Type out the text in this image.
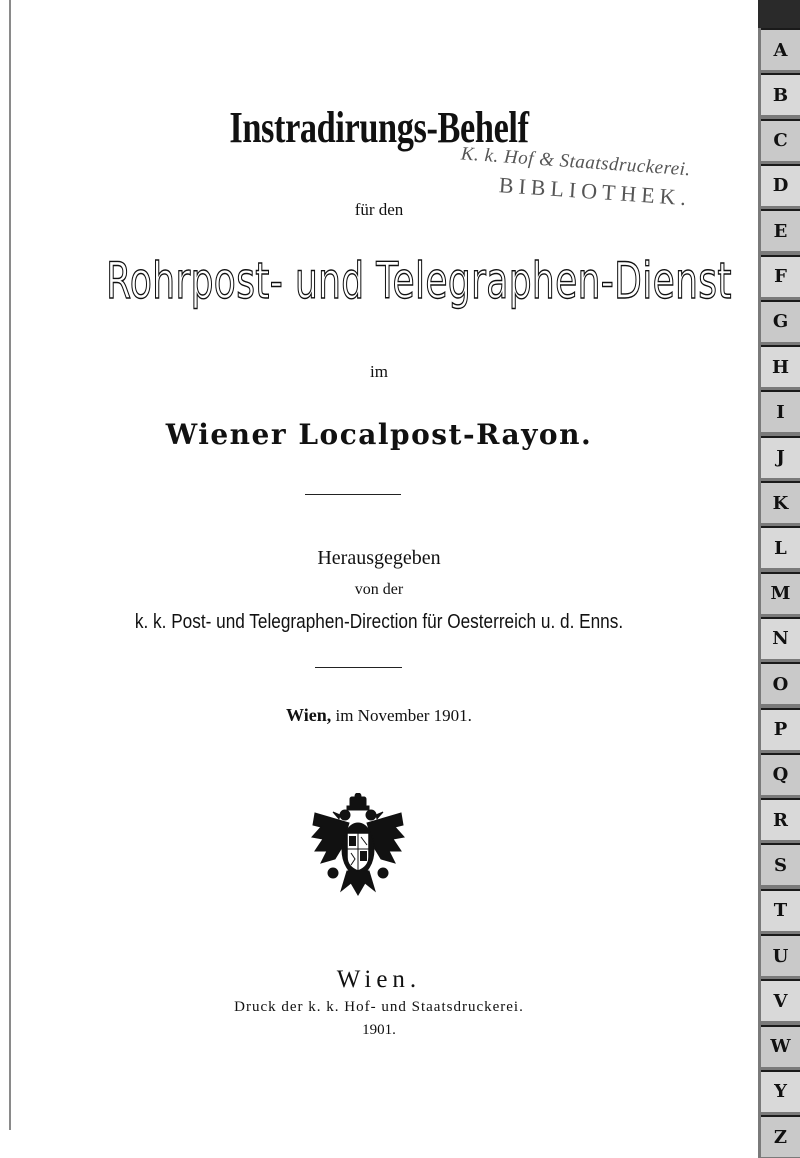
Instradirungs-Behelf
K. k. Hof & Staatsdruckerei.
BIBLIOTHEK.
für den
Rohrpost- und Telegraphen-Dienst
im
Wiener Localpost-Rayon.
Herausgegeben
von der
k. k. Post- und Telegraphen-Direction für Oesterreich u. d. Enns.
Wien, im November 1901.
Wien.
Druck der k. k. Hof- und Staatsdruckerei.
1901.
A
B
C
D
E
F
G
H
I
J
K
L
M
N
O
P
Q
R
S
T
U
V
W
Y
Z
